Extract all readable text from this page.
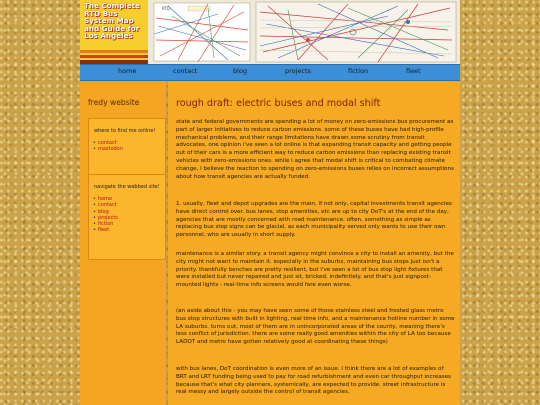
The Complete RTD Bus System Map and Guide for Los Angeles
RTD
home	contact	blog	projects	fiction	fleet
fredy website
where to find me online!
• contact
• mastodon
navigate the webbed site!
• home
• contact
• blog
• projects
• fiction
• fleet
rough draft: electric buses and modal shift

state and federal governments are spending a lot of money on zero-emissions bus procurement as part of larger initiatives to reduce carbon emissions. some of these buses have had high-profile mechanical problems, and their range limitations have drawn some scrutiny from transit advocates. one opinion i've seen a lot online is that expanding transit capacity and getting people out of their cars is a more efficient way to reduce carbon emissions than replacing existing transit vehicles with zero-emissions ones. while i agree that modal shift is critical to combating climate change, i believe the reaction to spending on zero-emissions buses relies on incorrect assumptions about how transit agencies are actually funded.

1. usually, fleet and depot upgrades are the main, if not only, capital investments transit agencies have direct control over. bus lanes, stop amenities, etc are up to city DoT's at the end of the day, agencies that are mostly concerned with road maintenance. often, something as simple as replacing bus stop signs can be glacial, as each municipality served only wants to use their own personnel, who are usually in short supply.

maintenance is a similar story. a transit agency might convince a city to install an amenity, but the city might not want to maintain it. especially in the suburbs, maintaining bus stops just isn't a priority. thankfully benches are pretty resilient, but i've seen a lot of bus stop light fixtures that were installed but never repaired and just sit, bricked, indefinitely. and that's just signpost-mounted lights - real-time info screens would fare even worse.

(an aside about this - you may have seen some of those stainless steel and frosted glass metro bus stop structures with built in lighting, real time info, and a maintenance hotline number in some LA suburbs. turns out, most of them are in unincorporated areas of the county, meaning there's less conflict of jurisdiction. there are some really good amenities within the city of LA too because LADOT and metro have gotten relatively good at coordinating these things)

with bus lanes, DoT coordination is even more of an issue. i think there are a lot of examples of BRT and LRT funding being used to pay for road refurbishment and even car throughput increases because that's what city planners, systemically, are expected to provide. street infrastructure is real messy and largely outside the control of transit agencies.
